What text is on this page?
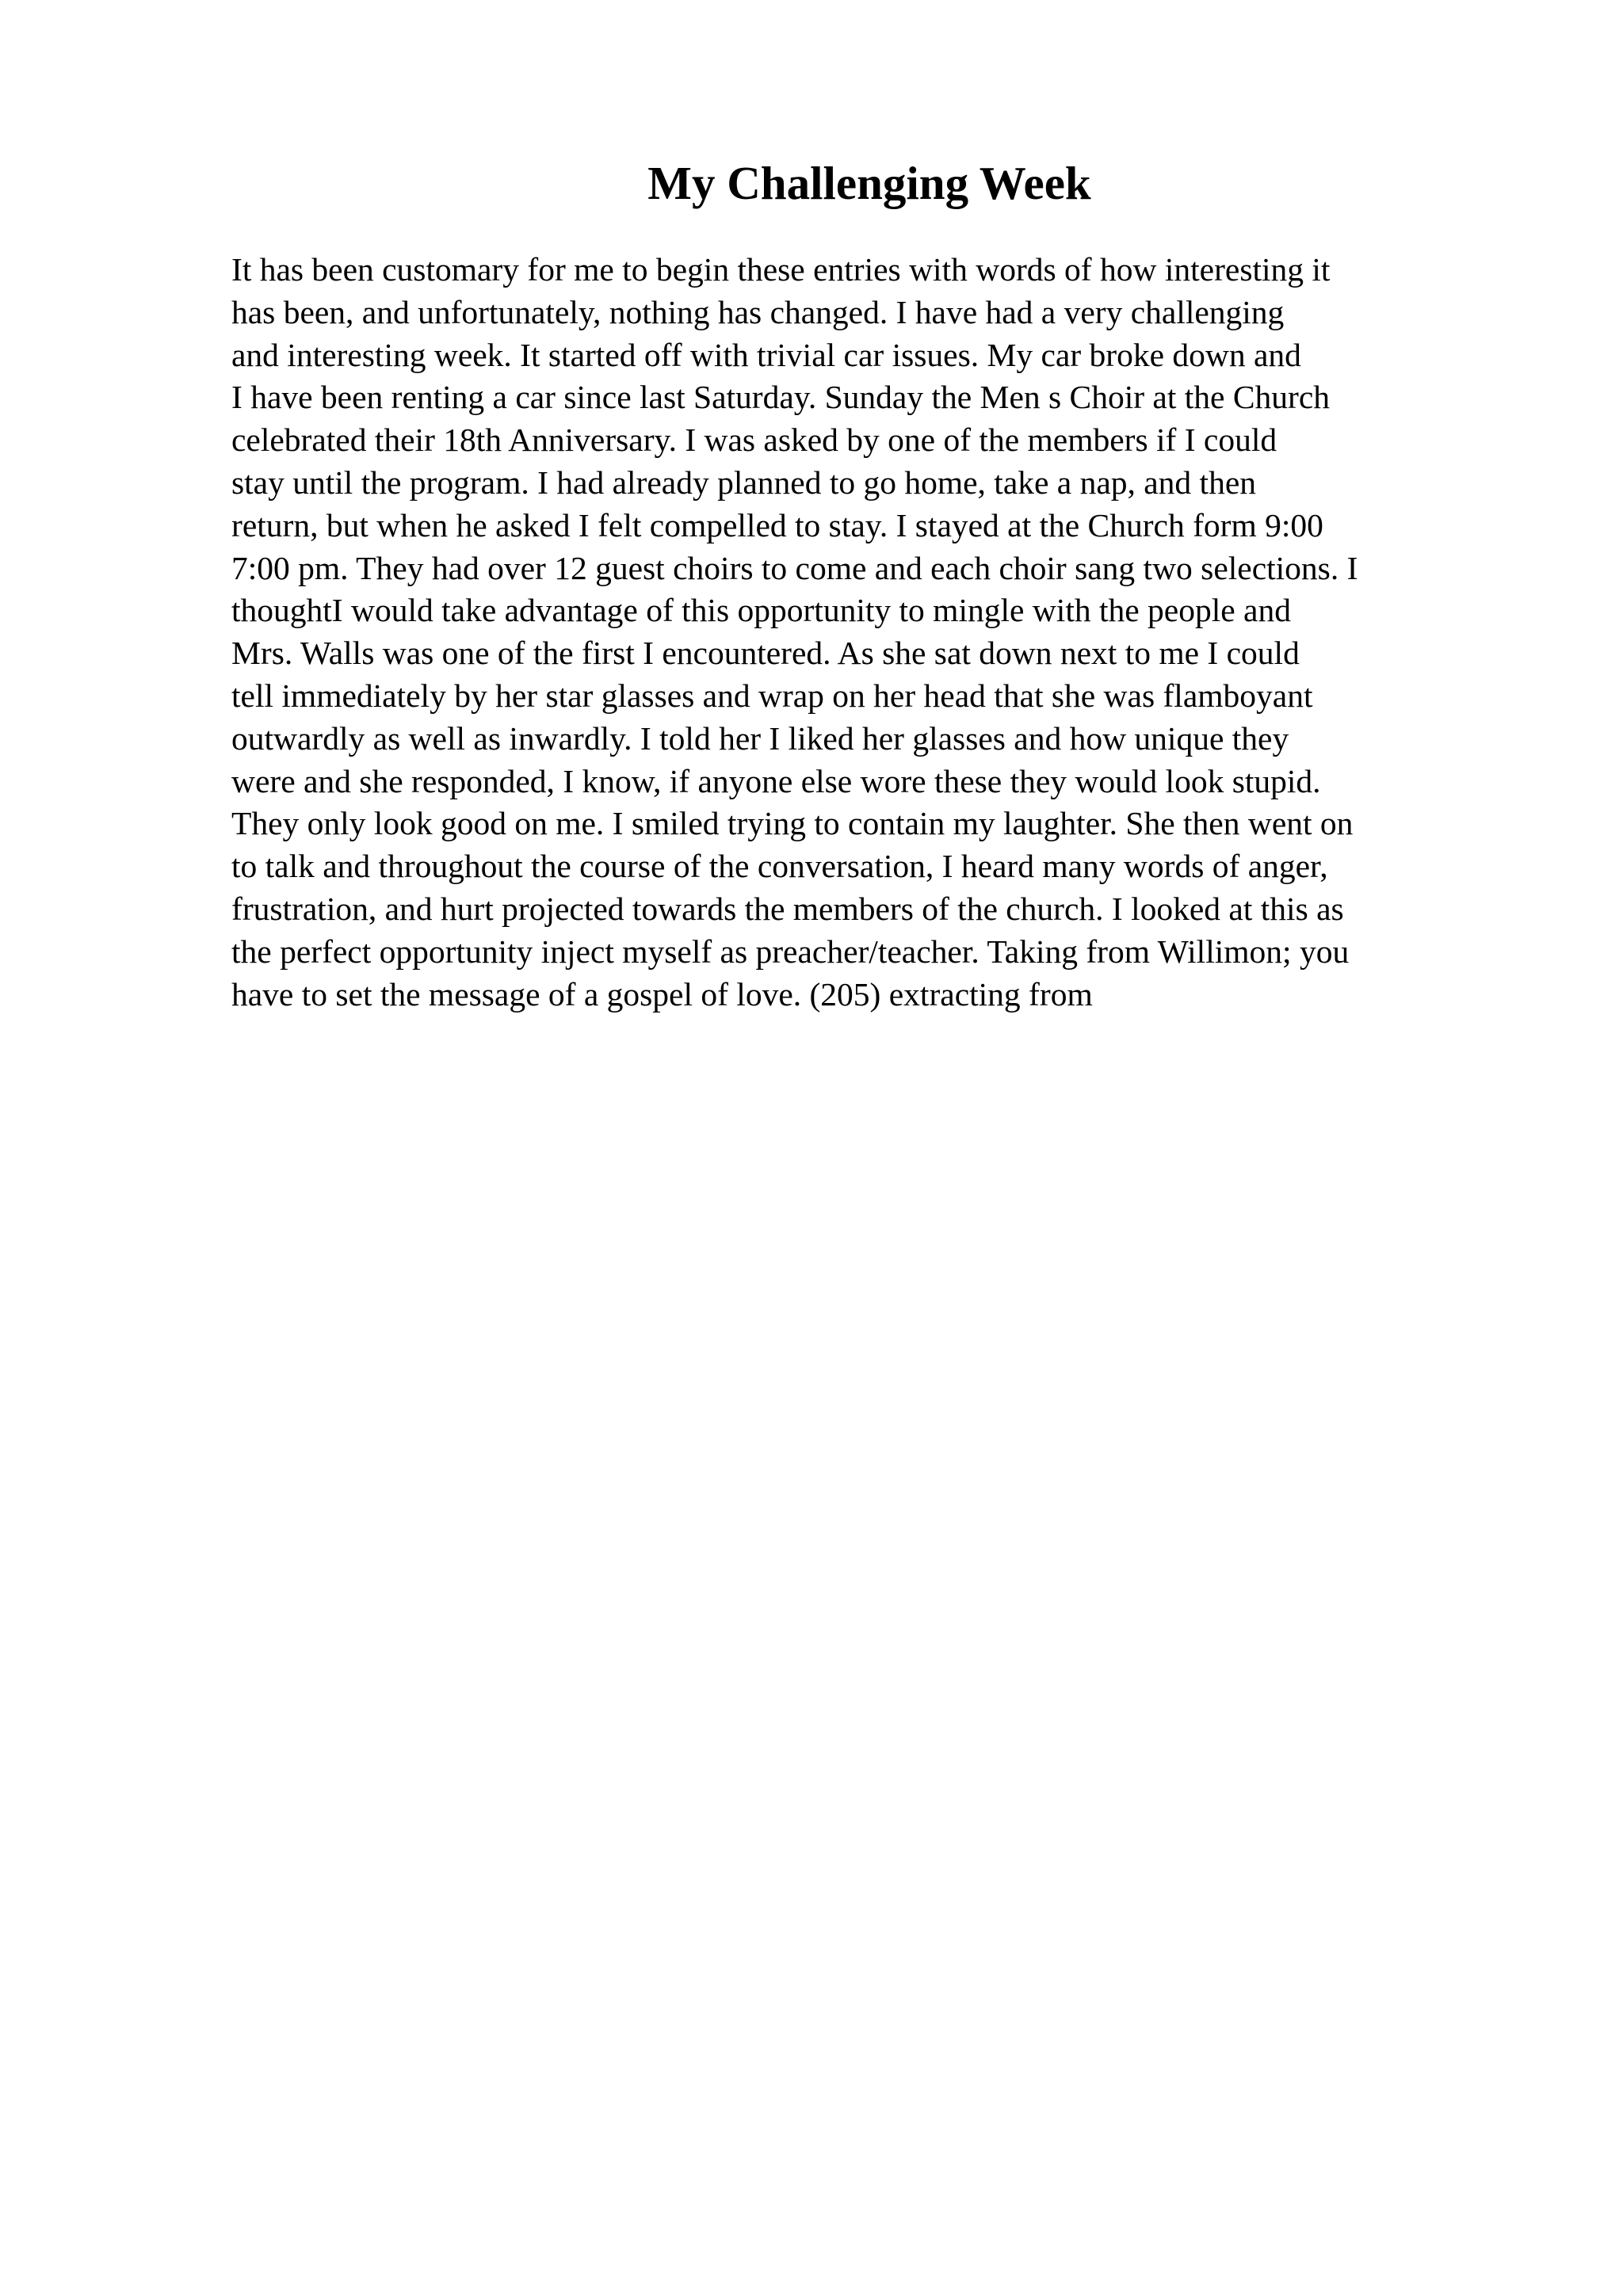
My Challenging Week
It has been customary for me to begin these entries with words of how interesting it
has been, and unfortunately, nothing has changed. I have had a very challenging
and interesting week. It started off with trivial car issues. My car broke down and
I have been renting a car since last Saturday. Sunday the Men s Choir at the Church
celebrated their 18th Anniversary. I was asked by one of the members if I could
stay until the program. I had already planned to go home, take a nap, and then
return, but when he asked I felt compelled to stay. I stayed at the Church form 9:00
7:00 pm. They had over 12 guest choirs to come and each choir sang two selections. I
thoughtI would take advantage of this opportunity to mingle with the people and
Mrs. Walls was one of the first I encountered. As she sat down next to me I could
tell immediately by her star glasses and wrap on her head that she was flamboyant
outwardly as well as inwardly. I told her I liked her glasses and how unique they
were and she responded, I know, if anyone else wore these they would look stupid.
They only look good on me. I smiled trying to contain my laughter. She then went on
to talk and throughout the course of the conversation, I heard many words of anger,
frustration, and hurt projected towards the members of the church. I looked at this as
the perfect opportunity inject myself as preacher/teacher. Taking from Willimon; you
have to set the message of a gospel of love. (205) extracting from
